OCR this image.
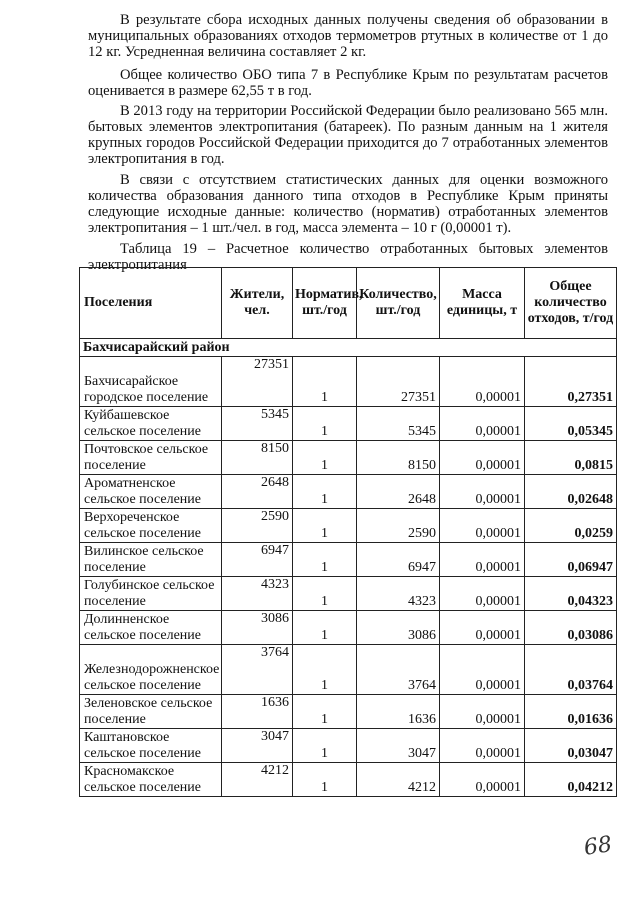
В результате сбора исходных данных получены сведения об образовании в муниципальных образованиях отходов термометров ртутных в количестве от 1 до 12 кг. Усредненная величина составляет 2 кг.

Общее количество ОБО типа 7 в Республике Крым по результатам расчетов оценивается в размере 62,55 т в год.

В 2013 году на территории Российской Федерации было реализовано 565 млн. бытовых элементов электропитания (батареек). По разным данным на 1 жителя крупных городов Российской Федерации приходится до 7 отработанных элементов электропитания в год.

В связи с отсутствием статистических данных для оценки возможного количества образования данного типа отходов в Республике Крым приняты следующие исходные данные: количество (норматив) отработанных элементов электропитания – 1 шт./чел. в год, масса элемента – 10 г (0,00001 т).

Таблица 19 – Расчетное количество отработанных бытовых элементов электропитания

Поселения	Жители, чел.	Норматив, шт./год	Количество, шт./год	Масса единицы, т	Общее количество отходов, т/год
Бахчисарайский район					
Бахчисарайское городское поселение	27351	1	27351	0,00001	0,27351
Куйбашевское сельское поселение	5345	1	5345	0,00001	0,05345
Почтовское сельское поселение	8150	1	8150	0,00001	0,0815
Ароматненское сельское поселение	2648	1	2648	0,00001	0,02648
Верхореченское сельское поселение	2590	1	2590	0,00001	0,0259
Вилинское сельское поселение	6947	1	6947	0,00001	0,06947
Голубинское сельское поселение	4323	1	4323	0,00001	0,04323
Долинненское сельское поселение	3086	1	3086	0,00001	0,03086
Железнодорожненское сельское поселение	3764	1	3764	0,00001	0,03764
Зеленовское сельское поселение	1636	1	1636	0,00001	0,01636
Каштановское сельское поселение	3047	1	3047	0,00001	0,03047
Красномакское сельское поселение	4212	1	4212	0,00001	0,04212
68
